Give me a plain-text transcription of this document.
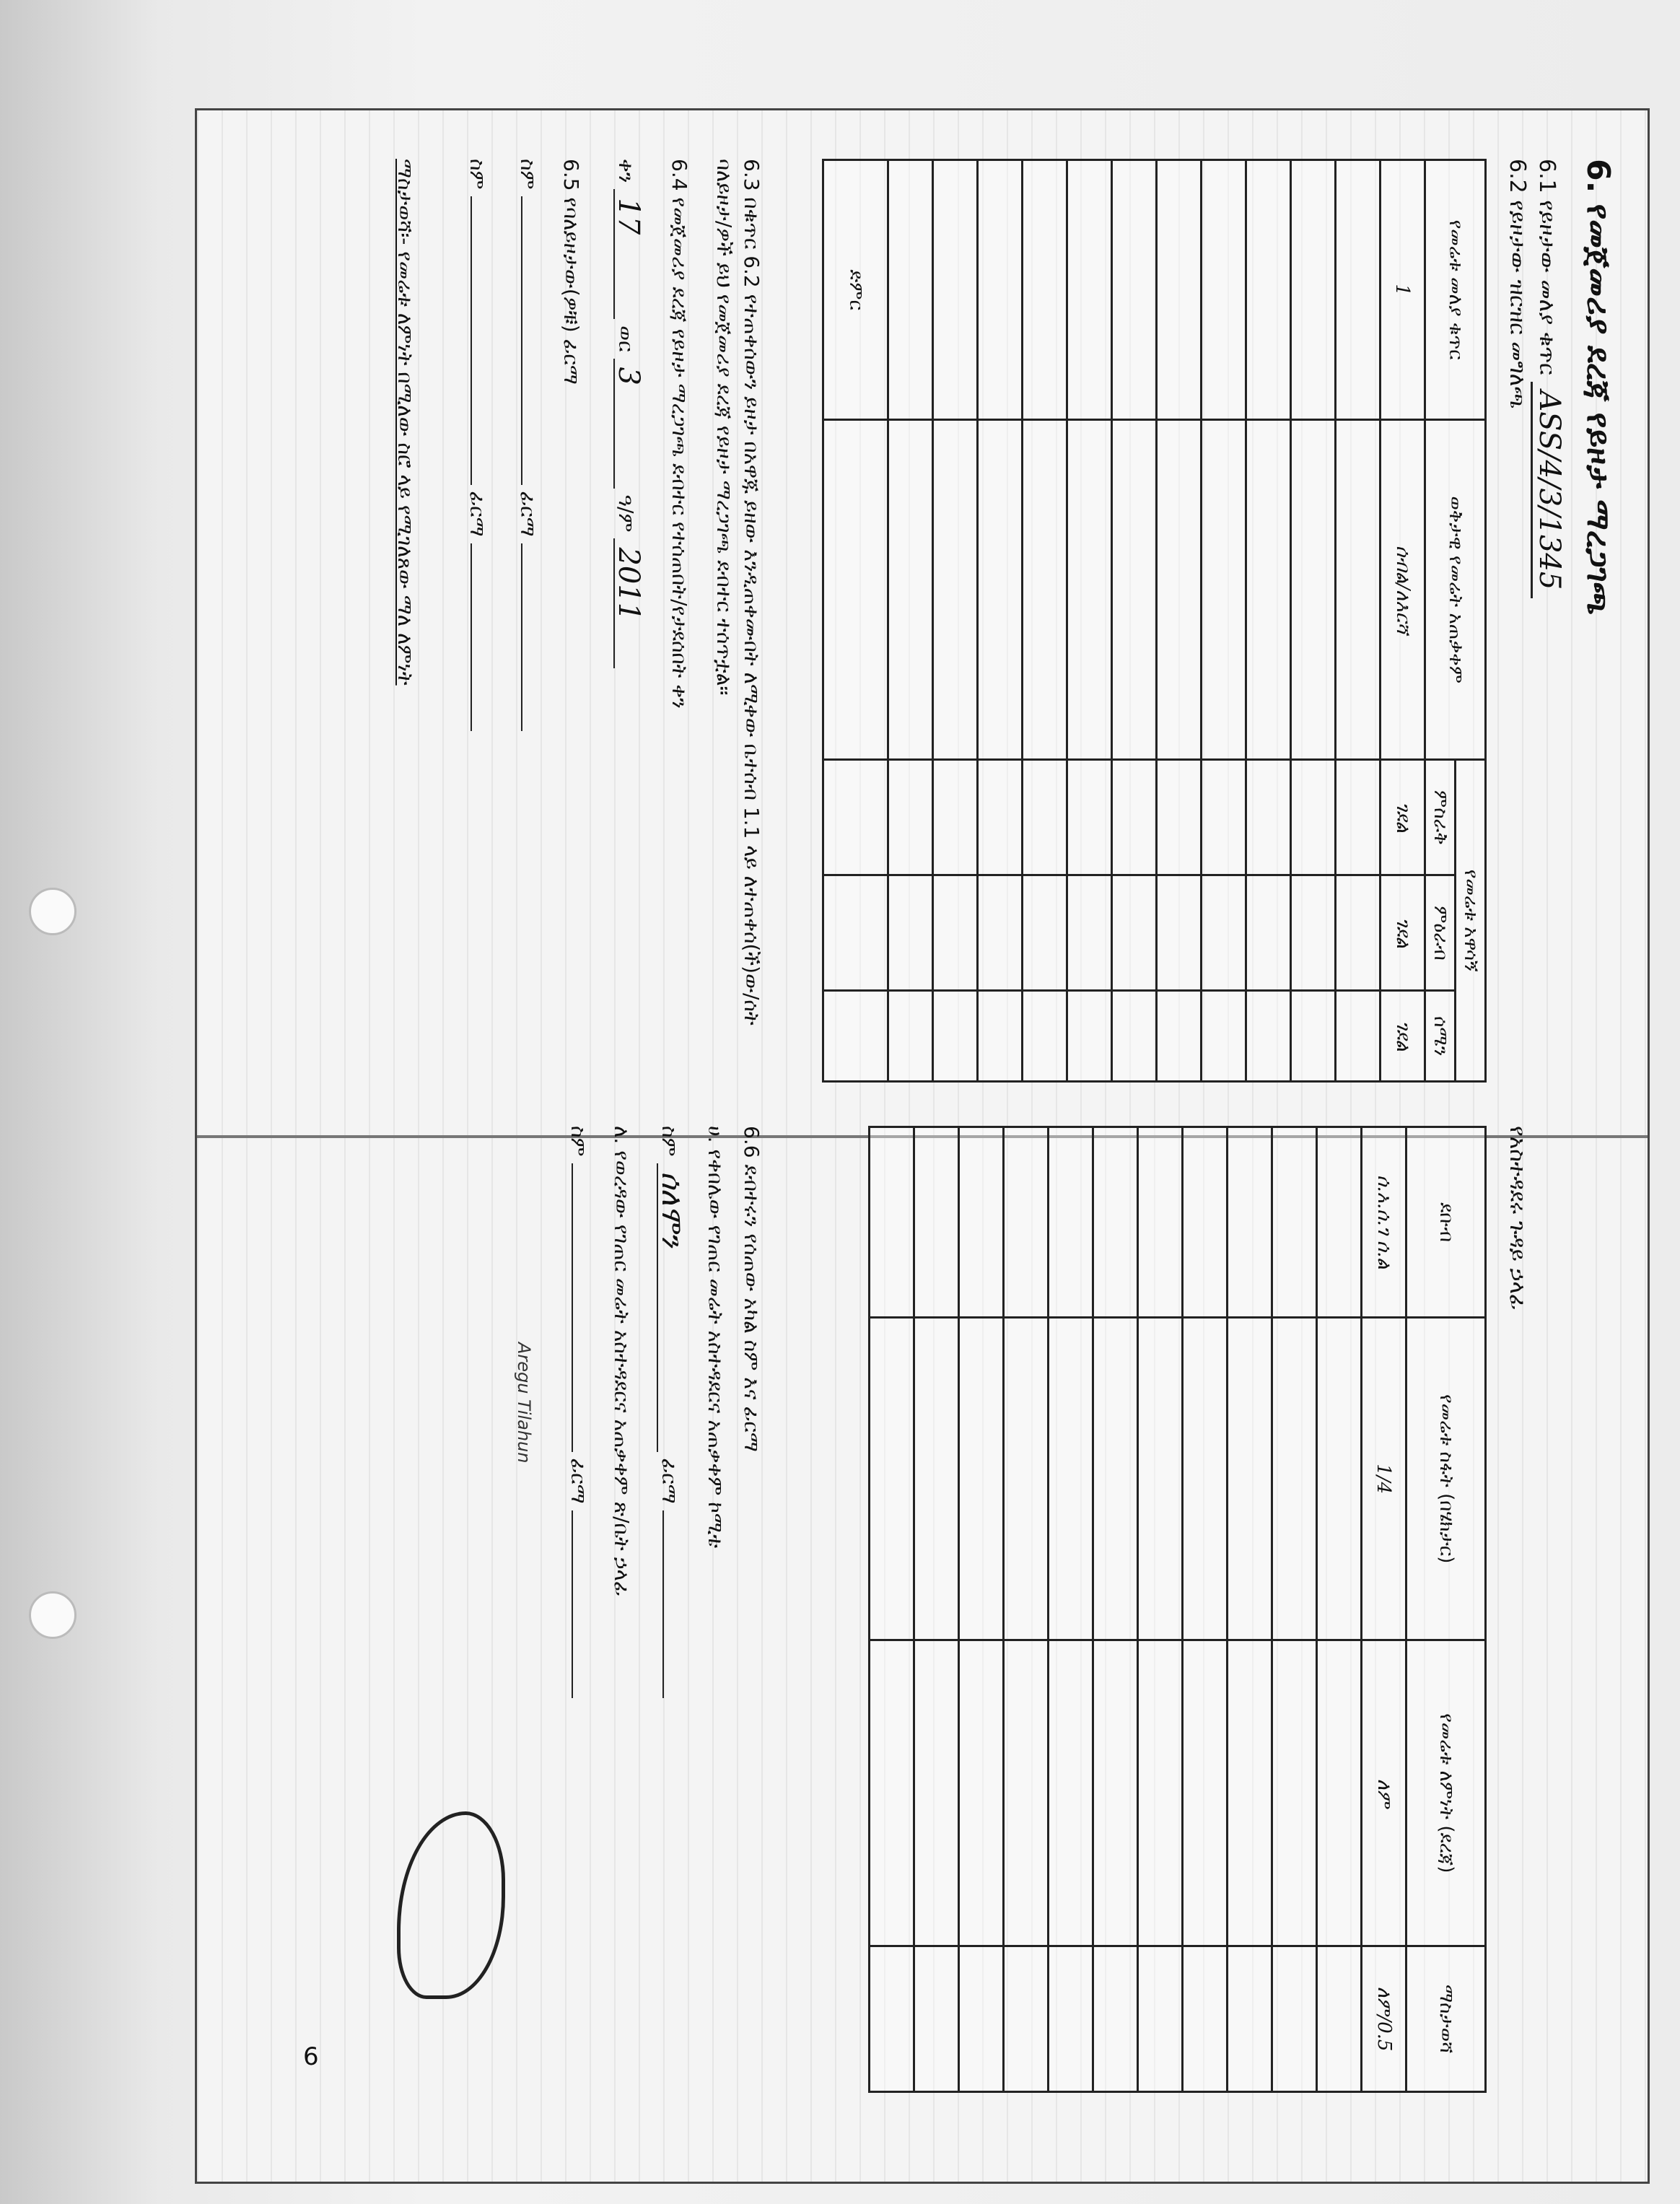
6. የመጀመሪያ ደረጃ የይዞታ ማረጋገጫ
6.1 የይዞታው መለያ ቁጥር ASS/4/3/1345
6.2 የይዞታው ዝርዝር መግለጫ
የመሬቱ መለያ ቁጥር	ወቅታዊ የመሬት አጠቃቀም	የመሬቱ አዋሳኝ		
		ምስራቅ	ምዕራብ	ሰሜን
1	ሰብል/ለእርሻ	ገደል	ገደል	ገደል

ድምር				
የአስተዳደሩ ጉዳይ ኃላፊ
ደቡብ	የመሬቱ ስፋት (በሄክታር)	የመሬቱ ለምነት (ደረጃ)	ማስታወሻ
ሰ.አ.ሰ.ገ ሰ.ል	1/4	ለም	ለም/0.5

6.3 በቁጥር 6.2 የተጠቀሰውን ይዞታ በአዋጁ ይዘው እንዲጠቀሙበት ለሚቀው ቤተሰብ 1.1 ላይ ለተጠቀሰ(ች)ው/ሰት ባለይዞታ/ዎች ይህ የመጀመሪያ ደረጃ የይዞታ ማረጋገጫ ደብተር ተሰጥቷል።
6.4 የመጀመሪያ ደረጃ የይዞታ ማረጋገጫ ደብተር የተሰጠበት/የታደሰበት ቀን
ቀን 17 ወር 3 ዓ/ም 2011
6.5 የባለይዞታው(ዎቹ) ፊርማ
ስም  ፊርማ
ስም  ፊርማ
ማስታወሻ፡- የመሬቱ ለምነት በሚለው ስሮ ላይ የሚገለጸው ማለ ለምነት
6.6 ደብተሩን የሰጠው አካል ስም እና ፊርማ
ሀ. የቀበሌው የገጠር መሬት አስተዳደርና አጠቃቀም ኮሚቴ
ስም ሰለሞን ፊርማ
ለ. የወረዳው የገጠር መሬት አስተዳደርና አጠቃቀም ጽ/ቤት ኃላፊ
ስም  ፊርማ
Aregu Tilahun
6
